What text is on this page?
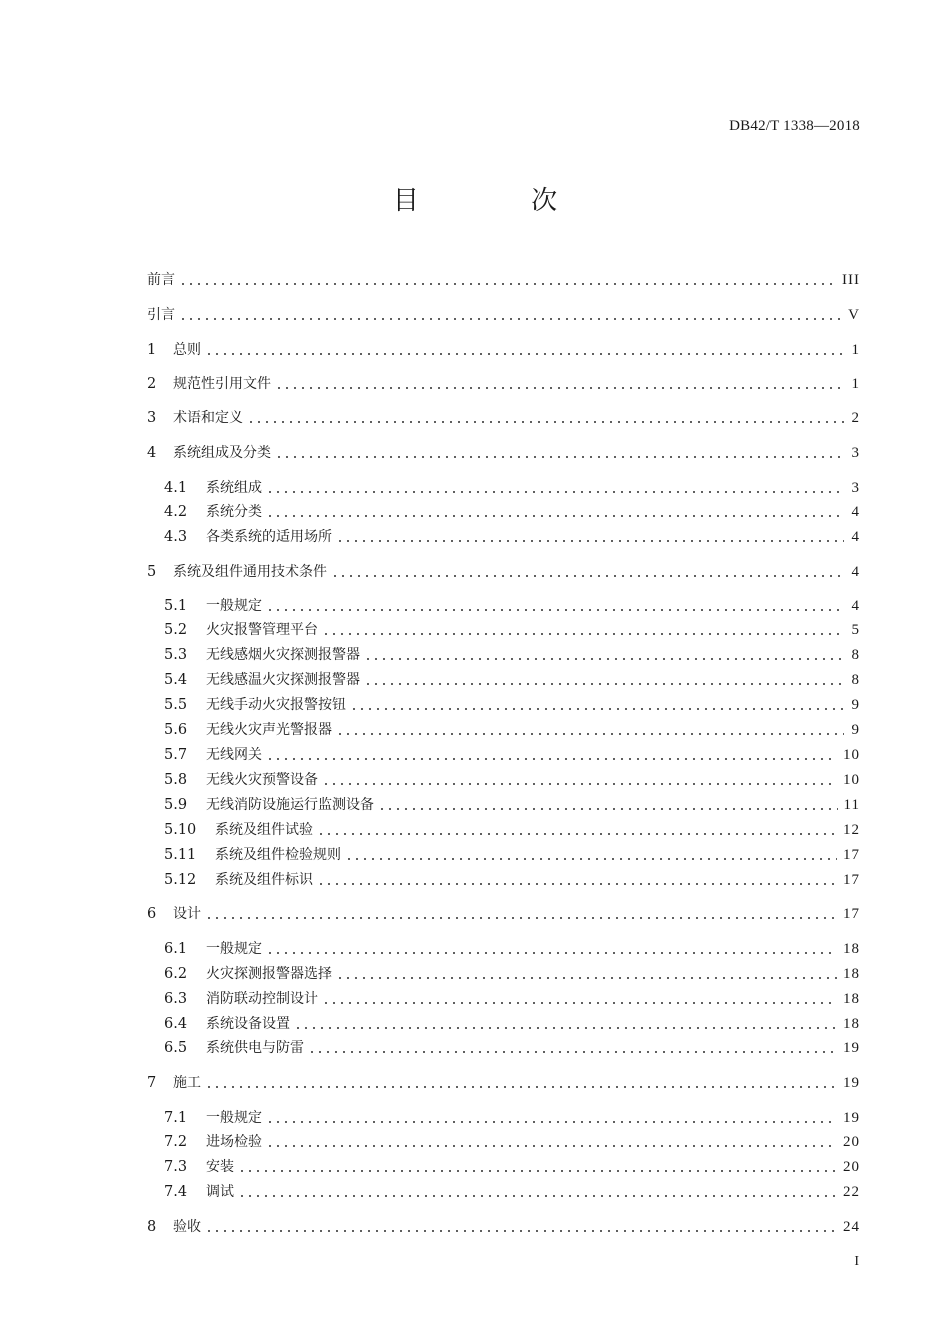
DB42/T 1338—2018
目 次
前言	III
引言	V
1	总则	1
2	规范性引用文件	1
3	术语和定义	2
4	系统组成及分类	3
4.1	系统组成	3
4.2	系统分类	4
4.3	各类系统的适用场所	4
5	系统及组件通用技术条件	4
5.1	一般规定	4
5.2	火灾报警管理平台	5
5.3	无线感烟火灾探测报警器	8
5.4	无线感温火灾探测报警器	8
5.5	无线手动火灾报警按钮	9
5.6	无线火灾声光警报器	9
5.7	无线网关	10
5.8	无线火灾预警设备	10
5.9	无线消防设施运行监测设备	11
5.10	系统及组件试验	12
5.11	系统及组件检验规则	17
5.12	系统及组件标识	17
6	设计	17
6.1	一般规定	18
6.2	火灾探测报警器选择	18
6.3	消防联动控制设计	18
6.4	系统设备设置	18
6.5	系统供电与防雷	19
7	施工	19
7.1	一般规定	19
7.2	进场检验	20
7.3	安装	20
7.4	调试	22
8	验收	24
I
